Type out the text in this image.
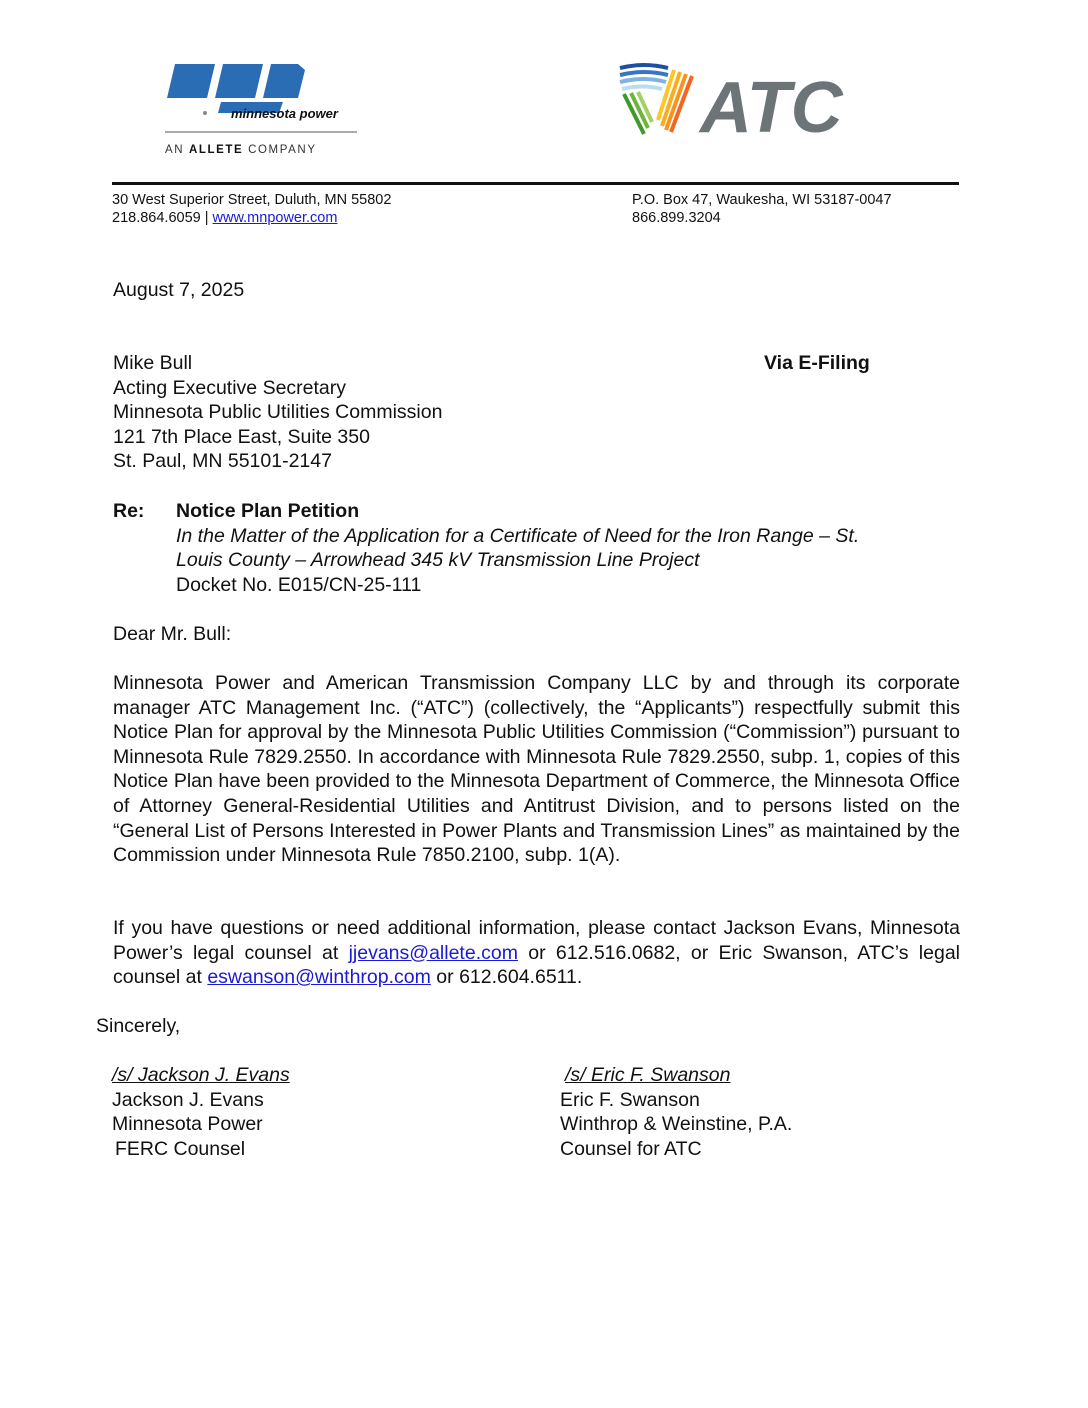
minnesota power
AN ALLETE COMPANY
ATC
30 West Superior Street, Duluth, MN 55802
218.864.6059 | www.mnpower.com
P.O. Box 47, Waukesha, WI 53187-0047
866.899.3204
August 7, 2025
Mike Bull
Acting Executive Secretary
Minnesota Public Utilities Commission
121 7th Place East, Suite 350
St. Paul, MN 55101-2147
Via E-Filing
Re: Notice Plan Petition
In the Matter of the Application for a Certificate of Need for the Iron Range – St.
Louis County – Arrowhead 345 kV Transmission Line Project
Docket No. E015/CN-25-111
Dear Mr. Bull:
Minnesota Power and American Transmission Company LLC by and through its corporate manager ATC Management Inc. (“ATC”) (collectively, the “Applicants”) respectfully submit this Notice Plan for approval by the Minnesota Public Utilities Commission (“Commission”) pursuant to Minnesota Rule 7829.2550. In accordance with Minnesota Rule 7829.2550, subp. 1, copies of this Notice Plan have been provided to the Minnesota Department of Commerce, the Minnesota Office of Attorney General-Residential Utilities and Antitrust Division, and to persons listed on the “General List of Persons Interested in Power Plants and Transmission Lines” as maintained by the Commission under Minnesota Rule 7850.2100, subp. 1(A).
If you have questions or need additional information, please contact Jackson Evans, Minnesota Power’s legal counsel at jjevans@allete.com or 612.516.0682, or Eric Swanson, ATC’s legal counsel at eswanson@winthrop.com or 612.604.6511.
Sincerely,
/s/ Jackson J. Evans
Jackson J. Evans
Minnesota Power
FERC Counsel
/s/ Eric F. Swanson
Eric F. Swanson
Winthrop & Weinstine, P.A.
Counsel for ATC
